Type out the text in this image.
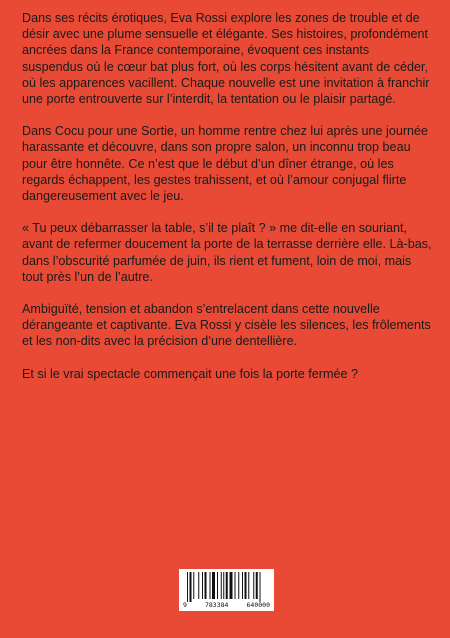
Dans ses récits érotiques, Eva Rossi explore les zones de trouble et de désir avec une plume sensuelle et élégante. Ses histoires, profondément ancrées dans la France contemporaine, évoquent ces instants suspendus où le cœur bat plus fort, où les corps hésitent avant de céder, où les apparences vacillent. Chaque nouvelle est une invitation à franchir une porte entrouverte sur l’interdit, la tentation ou le plaisir partagé.

Dans Cocu pour une Sortie, un homme rentre chez lui après une journée harassante et découvre, dans son propre salon, un inconnu trop beau pour être honnête. Ce n’est que le début d’un dîner étrange, où les regards échappent, les gestes trahissent, et où l’amour conjugal flirte dangereusement avec le jeu.

« Tu peux débarrasser la table, s’il te plaît ? » me dit-elle en souriant, avant de refermer doucement la porte de la terrasse derrière elle. Là-bas, dans l’obscurité parfumée de juin, ils rient et fument, loin de moi, mais tout près l’un de l’autre.

Ambiguïté, tension et abandon s’entrelacent dans cette nouvelle dérangeante et captivante. Eva Rossi y cisèle les silences, les frôlements et les non-dits avec la précision d’une dentellière.

Et si le vrai spectacle commençait une fois la porte fermée ?

9	783384	640000
